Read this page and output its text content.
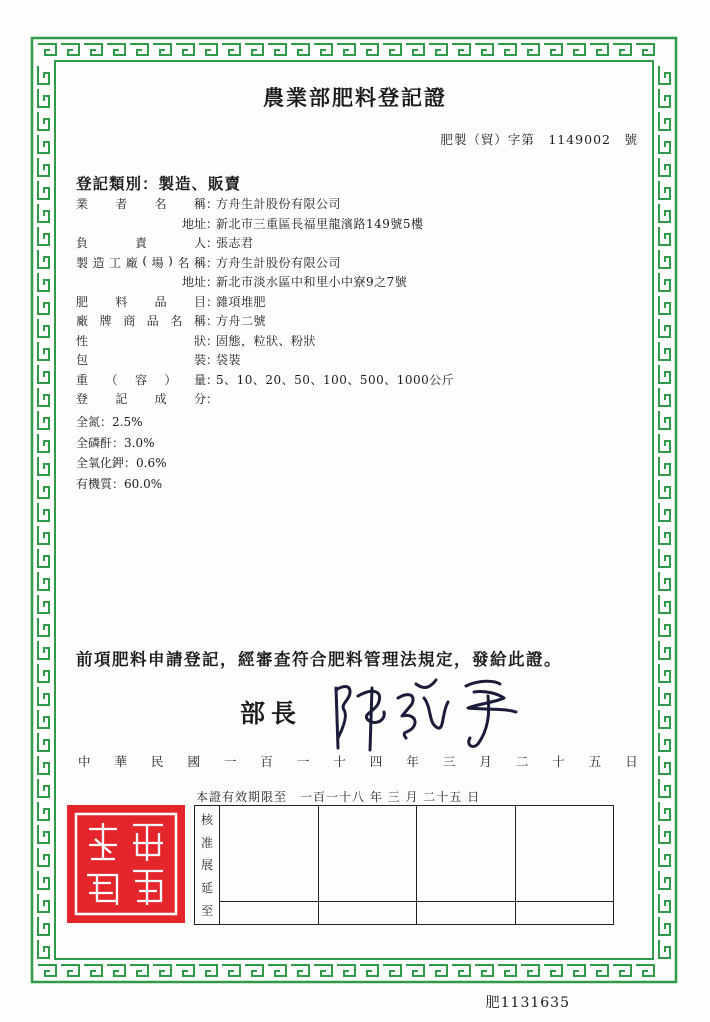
農業部肥料登記證
肥製（貿）字第　1149002　號
登記類別：製造、販賣
業 者 名 稱 ：
方舟生計股份有限公司
地址 ：
新北市三重區長福里龍濱路149號5樓
負	責	人 ：
張志君
製 造 工 廠 ( 場 ) 名 稱 ：
方舟生計股份有限公司
地址 ：
新北市淡水區中和里小中寮9之7號
肥 料 品 目 ：
雜項堆肥
廠 牌 商 品 名 稱 ：
方舟二號
性	狀 ：
固態，粒狀、粉狀
包	裝 ：
袋裝
重 （ 容 ） 量 ：
5、10、20、50、100、500、1000公斤
登 記 成 分 ：
全氮：2.5%
全磷酐：3.0%
全氧化鉀：0.6%
有機質：60.0%
前項肥料申請登記，經審查符合肥料管理法規定，發給此證。
部長
中 華 民 國 一 百 一 十 四 年 三 月 二 十 五 日
本證有效期限至　一百一十八 年 三 月 二十五 日
核
准
展
延
至
肥1131635
